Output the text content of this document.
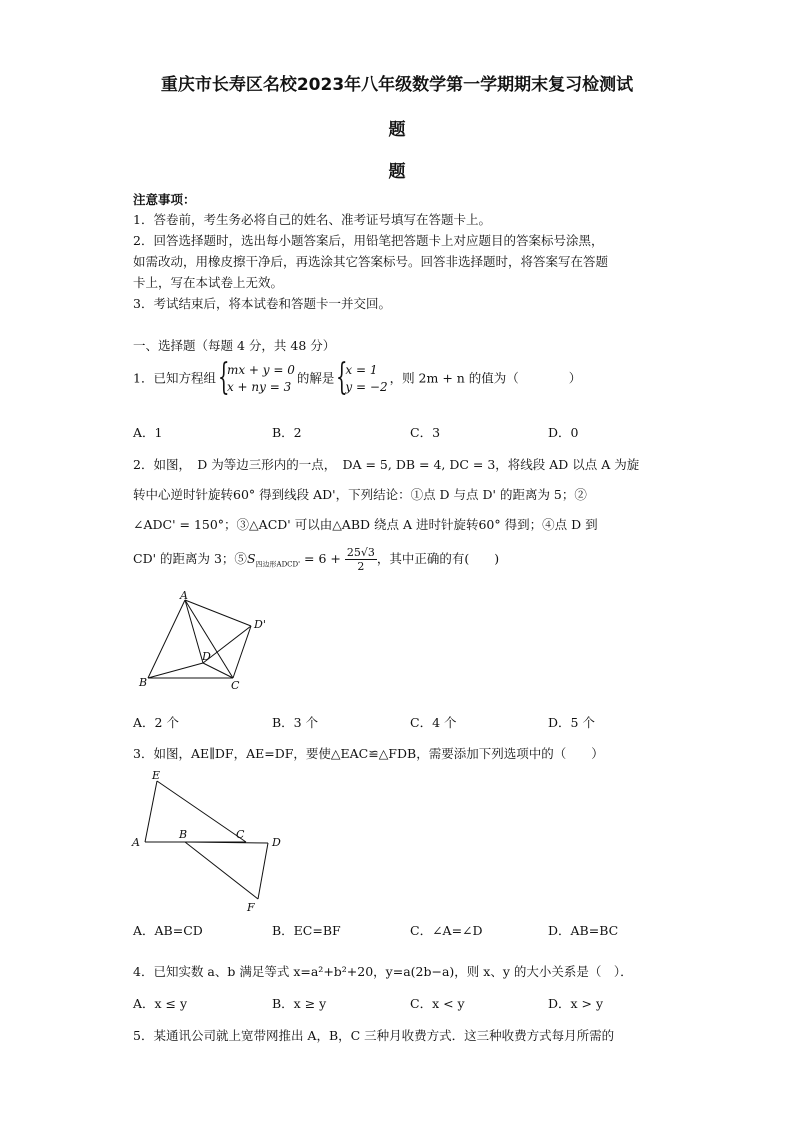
重庆市长寿区名校2023年八年级数学第一学期期末复习检测试
题
题
注意事项：
1．答卷前，考生务必将自己的姓名、准考证号填写在答题卡上。
2．回答选择题时，选出每小题答案后，用铅笔把答题卡上对应题目的答案标号涂黑，
如需改动，用橡皮擦干净后，再选涂其它答案标号。回答非选择题时，将答案写在答题
卡上，写在本试卷上无效。
3．考试结束后，将本试卷和答题卡一并交回。
一、选择题（每题 4 分，共 48 分）
1．已知方程组 {
mx + y = 0
x + ny = 3
的解是 {
x = 1
y = −2
，则 2m + n 的值为（　　　　）
A．1	B．2	C．3	D．0
2．如图，　D 为等边三形内的一点，　DA = 5, DB = 4, DC = 3，将线段 AD 以点 A 为旋
转中心逆时针旋转60° 得到线段 AD'，下列结论：①点 D 与点 D' 的距离为 5；②
∠ADC' = 150°；③△ACD' 可以由△ABD 绕点 A 进时针旋转60° 得到；④点 D 到
CD' 的距离为 3；$⑤S_{四边形ADCD'} = 6 + \frac{25√3}{2}$ ，其中正确的有(　　)
A
D'
D
B	C
A．2 个	B．3 个	C．4 个	D．5 个
3．如图，AE∥DF，AE=DF，要使△EAC≌△FDB，需要添加下列选项中的（　　）
E
A
B	C
D
F
A．AB=CD	B．EC=BF	C．∠A=∠D	D．AB=BC
4．已知实数 a、b 满足等式 x=a²+b²+20，y=a(2b−a)，则 x、y 的大小关系是（　）．
A．x ≤ y	B．x ≥ y	C．x < y	D．x > y
5．某通讯公司就上宽带网推出 A，B，C 三种月收费方式．这三种收费方式每月所需的
